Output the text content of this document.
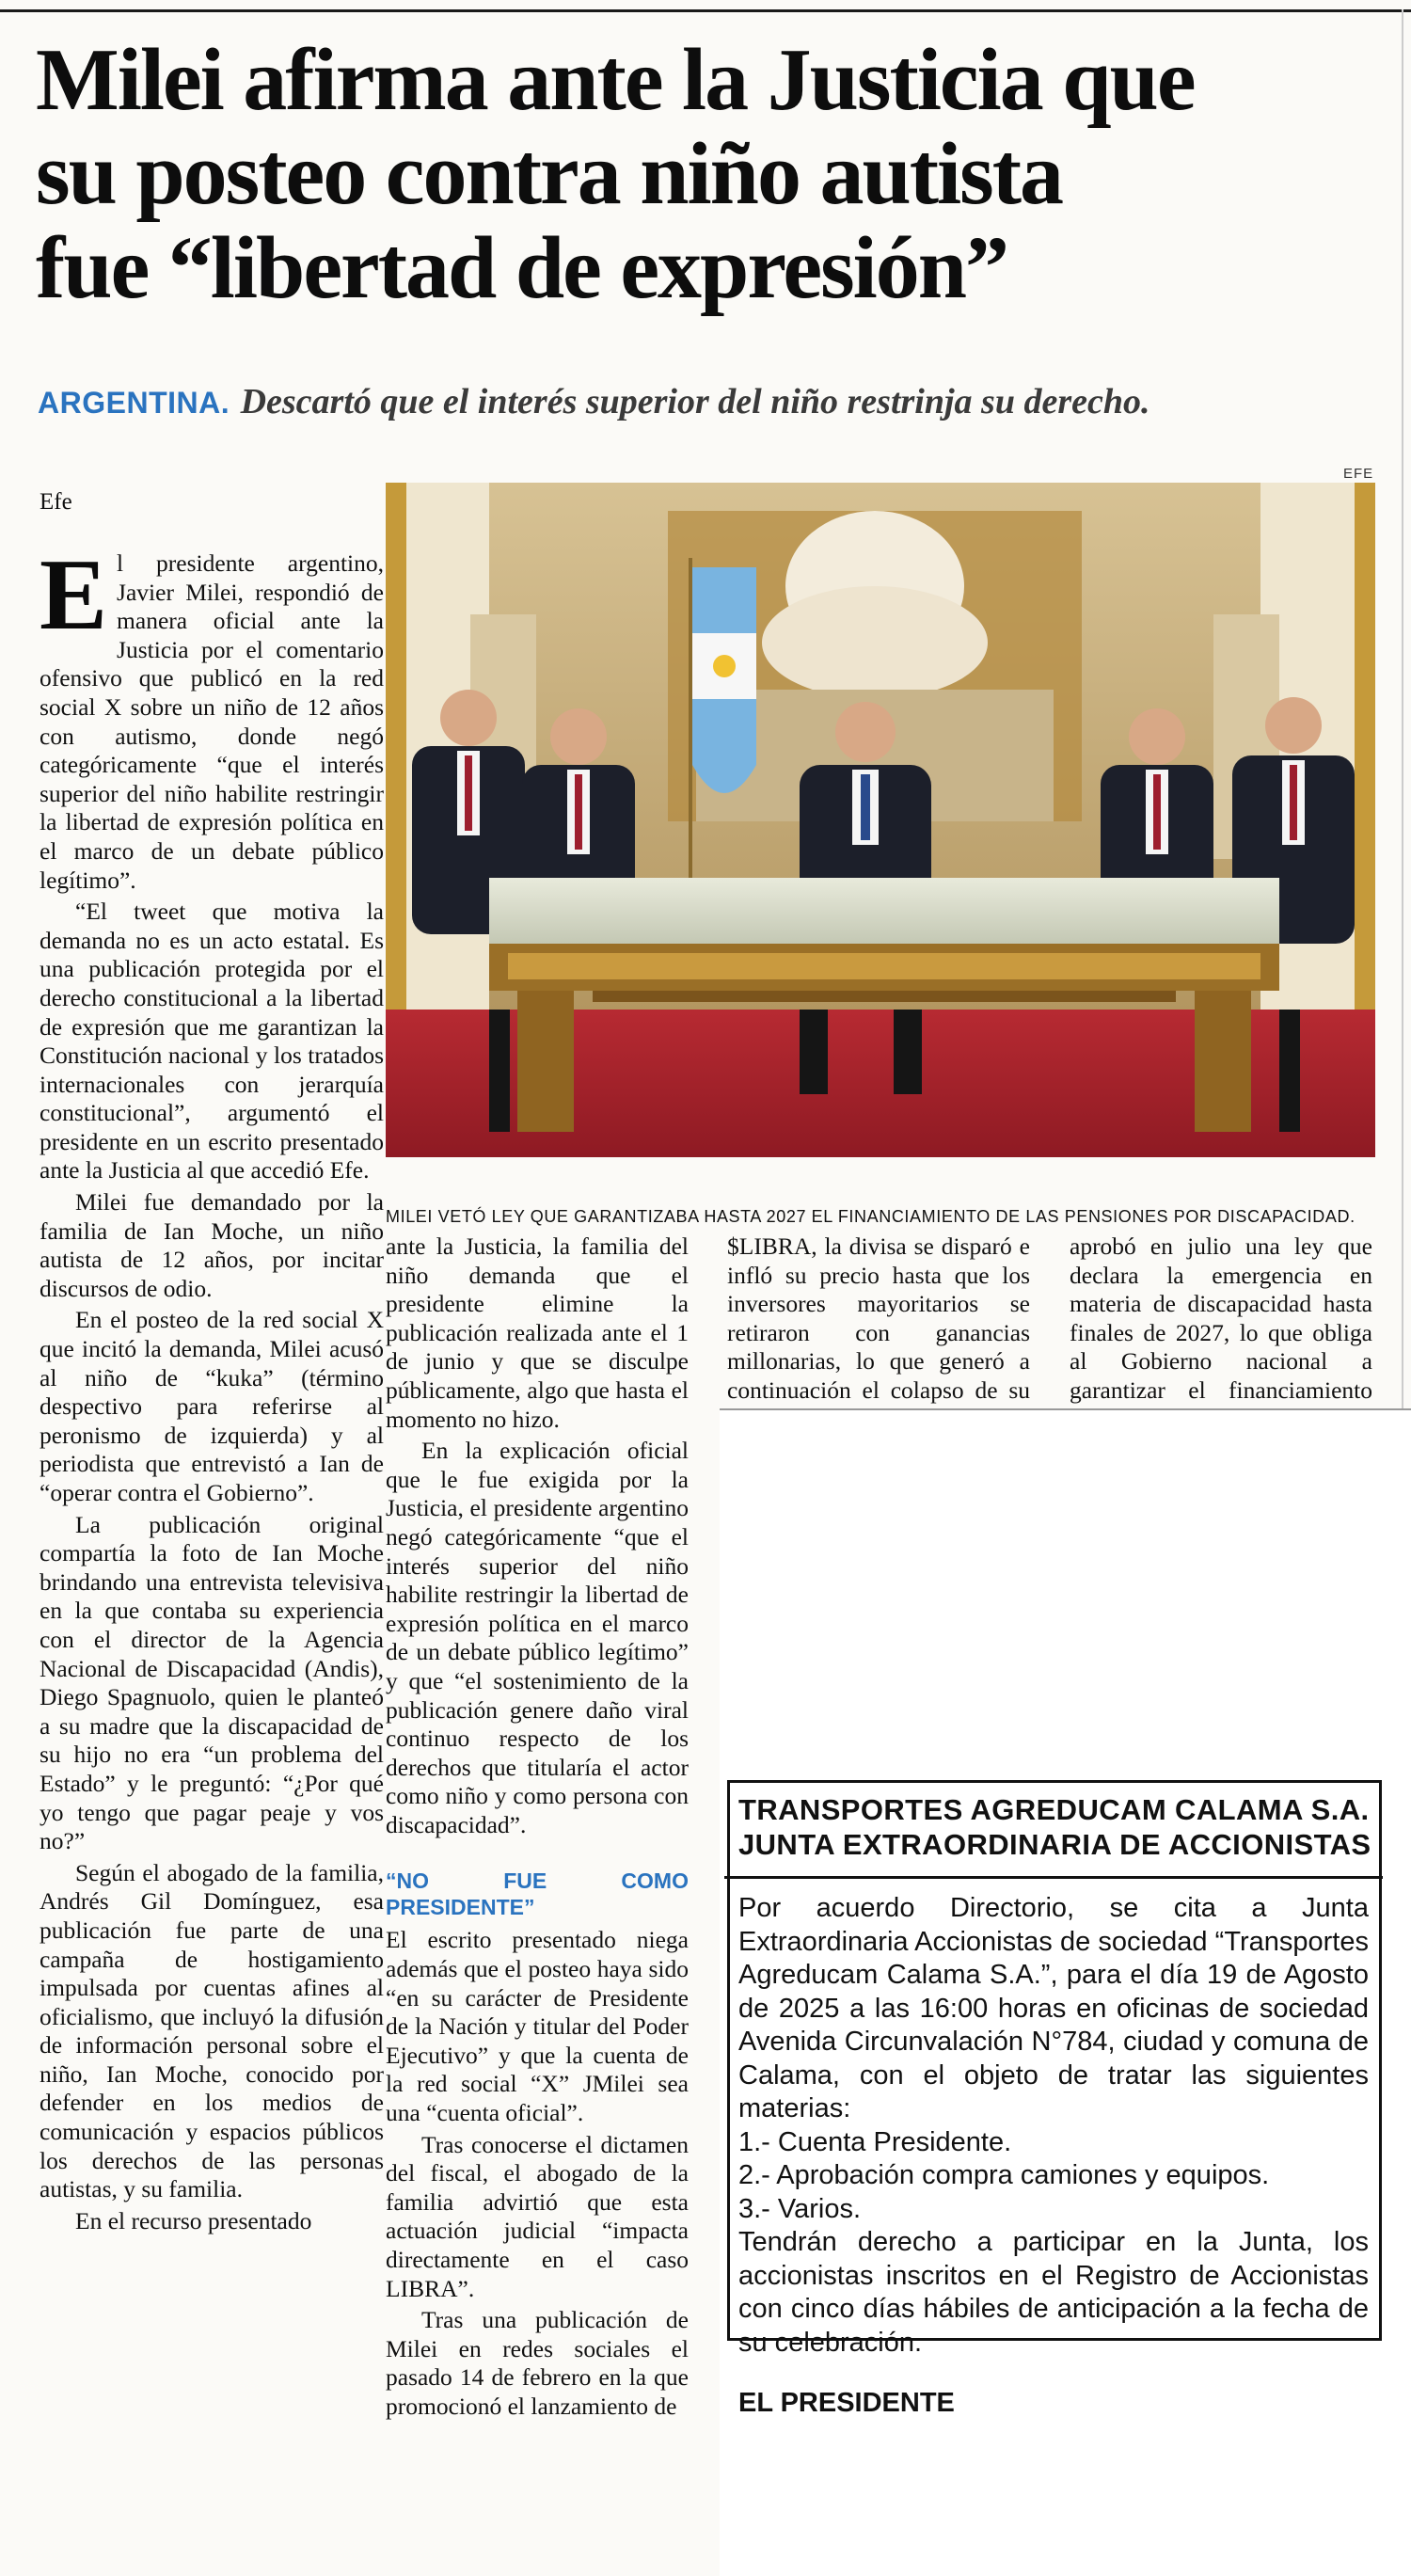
Milei afirma ante la Justicia que
su posteo contra niño autista
fue “libertad de expresión”
ARGENTINA. Descartó que el interés superior del niño restrinja su derecho.
Efe
EFE
MILEI VETÓ LEY QUE GARANTIZABA HASTA 2027 EL FINANCIAMIENTO DE LAS PENSIONES POR DISCAPACIDAD.

El presidente argentino, Javier Milei, respondió de manera oficial ante la Justicia por el comentario ofensivo que publicó en la red social X sobre un niño de 12 años con autismo, donde negó categóricamente “que el interés superior del niño habilite restringir la libertad de expresión política en el marco de un debate público legítimo”.

“El tweet que motiva la demanda no es un acto estatal. Es una publicación protegida por el derecho constitucional a la libertad de expresión que me garantizan la Constitución nacional y los tratados internacionales con jerarquía constitucional”, argumentó el presidente en un escrito presentado ante la Justicia al que accedió Efe.

Milei fue demandado por la familia de Ian Moche, un niño autista de 12 años, por incitar discursos de odio.

En el posteo de la red social X que incitó la demanda, Milei acusó al niño de “kuka” (término despectivo para referirse al peronismo de izquierda) y al periodista que entrevistó a Ian de “operar contra el Gobierno”.

La publicación original compartía la foto de Ian Moche brindando una entrevista televisiva en la que contaba su experiencia con el director de la Agencia Nacional de Discapacidad (Andis), Diego Spagnuolo, quien le planteó a su madre que la discapacidad de su hijo no era “un problema del Estado” y le preguntó: “¿Por qué yo tengo que pagar peaje y vos no?”

Según el abogado de la familia, Andrés Gil Domínguez, esa publicación fue parte de una campaña de hostigamiento impulsada por cuentas afines al oficialismo, que incluyó la difusión de información personal sobre el niño, Ian Moche, conocido por defender en los medios de comunicación y espacios públicos los derechos de las personas autistas, y su familia.

En el recurso presentado

ante la Justicia, la familia del niño demanda que el presidente elimine la publicación realizada ante el 1 de junio y que se disculpe públicamente, algo que hasta el momento no hizo.

En la explicación oficial que le fue exigida por la Justicia, el presidente argentino negó categóricamente “que el interés superior del niño habilite restringir la libertad de expresión política en el marco de un debate público legítimo” y que “el sostenimiento de la publicación genere daño viral continuo respecto de los derechos que titularía el actor como niño y como persona con discapacidad”.

“NO FUE COMO PRESIDENTE”

El escrito presentado niega además que el posteo haya sido “en su carácter de Presidente de la Nación y titular del Poder Ejecutivo” y que la cuenta de la red social “X” JMilei sea una “cuenta oficial”.

Tras conocerse el dictamen del fiscal, el abogado de la familia advirtió que esta actuación judicial “impacta directamente en el caso LIBRA”.

Tras una publicación de Milei en redes sociales el pasado 14 de febrero en la que promocionó el lanzamiento de

$LIBRA, la divisa se disparó e infló su precio hasta que los inversores mayoritarios se retiraron con ganancias millonarias, lo que generó a continuación el colapso de su

aprobó en julio una ley que declara la emergencia en materia de discapacidad hasta finales de 2027, lo que obliga al Gobierno nacional a garantizar el financiamiento

TRANSPORTES AGREDUCAM CALAMA S.A.
JUNTA EXTRAORDINARIA DE ACCIONISTAS
Por acuerdo Directorio, se cita a Junta Extraordinaria Accionistas de sociedad “Transportes Agreducam Calama S.A.”, para el día 19 de Agosto de 2025 a las 16:00 horas en oficinas de sociedad Avenida Circunvalación N°784, ciudad y comuna de Calama, con el objeto de tratar las siguientes materias:
1.- Cuenta Presidente.
2.- Aprobación compra camiones y equipos.
3.- Varios.
Tendrán derecho a participar en la Junta, los accionistas inscritos en el Registro de Accionistas con cinco días hábiles de anticipación a la fecha de su celebración.
EL PRESIDENTE
